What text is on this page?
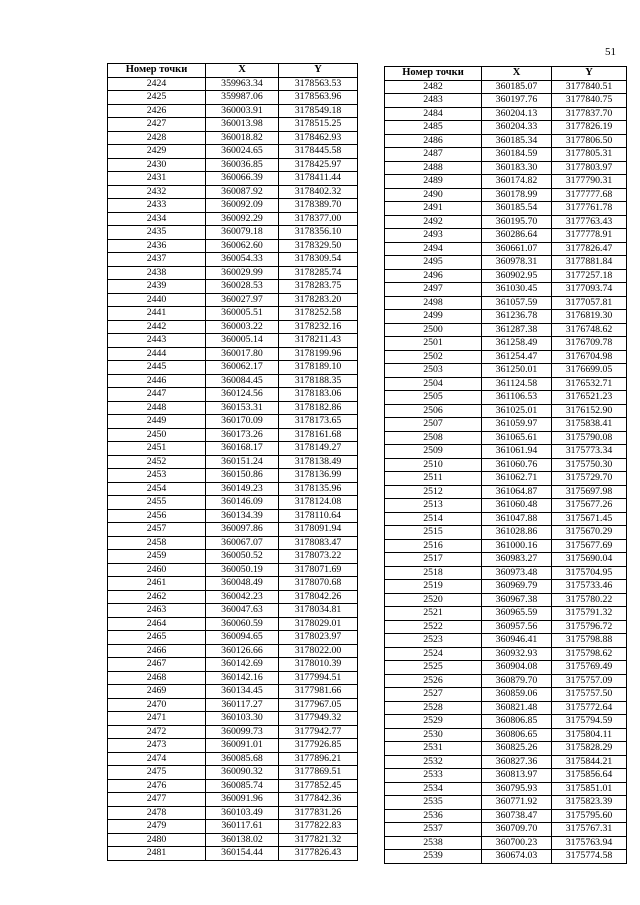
51
Номер точки	X	Y
2424	359963.34	3178563.53
2425	359987.06	3178563.96
2426	360003.91	3178549.18
2427	360013.98	3178515.25
2428	360018.82	3178462.93
2429	360024.65	3178445.58
2430	360036.85	3178425.97
2431	360066.39	3178411.44
2432	360087.92	3178402.32
2433	360092.09	3178389.70
2434	360092.29	3178377.00
2435	360079.18	3178356.10
2436	360062.60	3178329.50
2437	360054.33	3178309.54
2438	360029.99	3178285.74
2439	360028.53	3178283.75
2440	360027.97	3178283.20
2441	360005.51	3178252.58
2442	360003.22	3178232.16
2443	360005.14	3178211.43
2444	360017.80	3178199.96
2445	360062.17	3178189.10
2446	360084.45	3178188.35
2447	360124.56	3178183.06
2448	360153.31	3178182.86
2449	360170.09	3178173.65
2450	360173.26	3178161.68
2451	360168.17	3178149.27
2452	360151.24	3178138.49
2453	360150.86	3178136.99
2454	360149.23	3178135.96
2455	360146.09	3178124.08
2456	360134.39	3178110.64
2457	360097.86	3178091.94
2458	360067.07	3178083.47
2459	360050.52	3178073.22
2460	360050.19	3178071.69
2461	360048.49	3178070.68
2462	360042.23	3178042.26
2463	360047.63	3178034.81
2464	360060.59	3178029.01
2465	360094.65	3178023.97
2466	360126.66	3178022.00
2467	360142.69	3178010.39
2468	360142.16	3177994.51
2469	360134.45	3177981.66
2470	360117.27	3177967.05
2471	360103.30	3177949.32
2472	360099.73	3177942.77
2473	360091.01	3177926.85
2474	360085.68	3177896.21
2475	360090.32	3177869.51
2476	360085.74	3177852.45
2477	360091.96	3177842.36
2478	360103.49	3177831.26
2479	360117.61	3177822.83
2480	360138.02	3177821.32
2481	360154.44	3177826.43
Номер точки	X	Y
2482	360185.07	3177840.51
2483	360197.76	3177840.75
2484	360204.13	3177837.70
2485	360204.33	3177826.19
2486	360185.34	3177806.50
2487	360184.59	3177805.31
2488	360183.30	3177803.97
2489	360174.82	3177790.31
2490	360178.99	3177777.68
2491	360185.54	3177761.78
2492	360195.70	3177763.43
2493	360286.64	3177778.91
2494	360661.07	3177826.47
2495	360978.31	3177881.84
2496	360902.95	3177257.18
2497	361030.45	3177093.74
2498	361057.59	3177057.81
2499	361236.78	3176819.30
2500	361287.38	3176748.62
2501	361258.49	3176709.78
2502	361254.47	3176704.98
2503	361250.01	3176699.05
2504	361124.58	3176532.71
2505	361106.53	3176521.23
2506	361025.01	3176152.90
2507	361059.97	3175838.41
2508	361065.61	3175790.08
2509	361061.94	3175773.34
2510	361060.76	3175750.30
2511	361062.71	3175729.70
2512	361064.87	3175697.98
2513	361060.48	3175677.26
2514	361047.88	3175671.45
2515	361028.86	3175670.29
2516	361000.16	3175677.69
2517	360983.27	3175690.04
2518	360973.48	3175704.95
2519	360969.79	3175733.46
2520	360967.38	3175780.22
2521	360965.59	3175791.32
2522	360957.56	3175796.72
2523	360946.41	3175798.88
2524	360932.93	3175798.62
2525	360904.08	3175769.49
2526	360879.70	3175757.09
2527	360859.06	3175757.50
2528	360821.48	3175772.64
2529	360806.85	3175794.59
2530	360806.65	3175804.11
2531	360825.26	3175828.29
2532	360827.36	3175844.21
2533	360813.97	3175856.64
2534	360795.93	3175851.01
2535	360771.92	3175823.39
2536	360738.47	3175795.60
2537	360709.70	3175767.31
2538	360700.23	3175763.94
2539	360674.03	3175774.58
